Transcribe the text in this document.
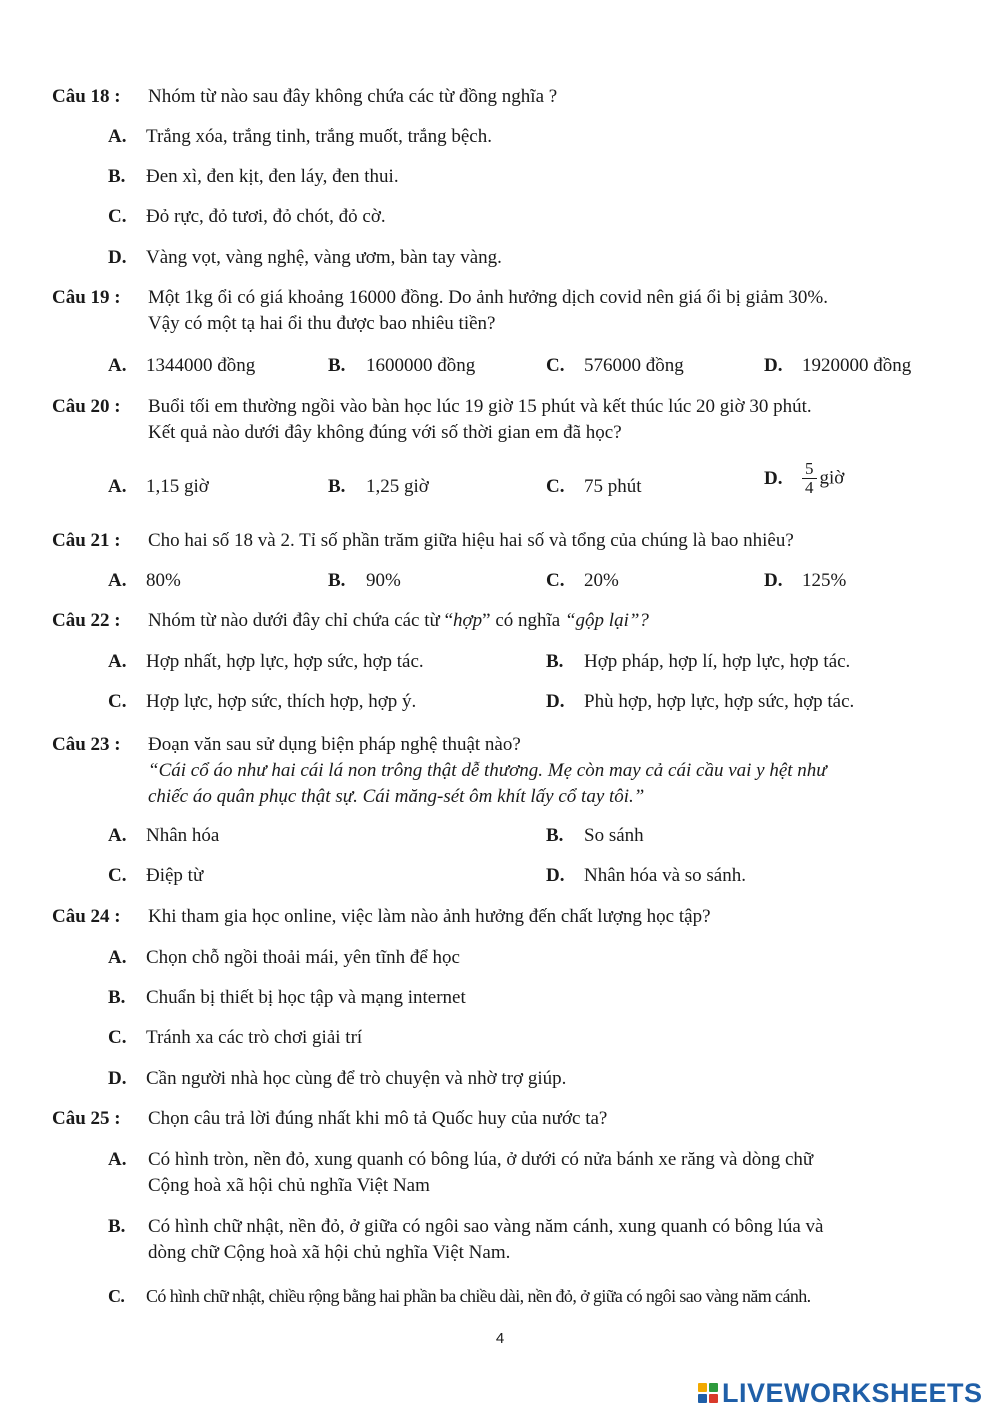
Câu 18 : Nhóm từ nào sau đây không chứa các từ đồng nghĩa ?
A. Trắng xóa, trắng tinh, trắng muốt, trắng bệch.
B. Đen xì, đen kịt, đen láy, đen thui.
C. Đỏ rực, đỏ tươi, đỏ chót, đỏ cờ.
D. Vàng vọt, vàng nghệ, vàng ươm, bàn tay vàng.
Câu 19 : Một 1kg ổi có giá khoảng 16000 đồng. Do ảnh hưởng dịch covid nên giá ổi bị giảm 30%.
Vậy có một tạ hai ổi thu được bao nhiêu tiền?
A. 1344000 đồng	B. 1600000 đồng	C. 576000 đồng	D. 1920000 đồng
Câu 20 : Buổi tối em thường ngồi vào bàn học lúc 19 giờ 15 phút và kết thúc lúc 20 giờ 30 phút.
Kết quả nào dưới đây không đúng với số thời gian em đã học?
A. 1,15 giờ	B. 1,25 giờ	C. 75 phút	D. $\frac{5}{4}$ giờ
Câu 21 : Cho hai số 18 và 2. Tỉ số phần trăm giữa hiệu hai số và tổng của chúng là bao nhiêu?
A. 80%	B. 90%	C. 20%	D. 125%
Câu 22 : Nhóm từ nào dưới đây chỉ chứa các từ “hợp” có nghĩa “gộp lại”?
A. Hợp nhất, hợp lực, hợp sức, hợp tác.	B. Hợp pháp, hợp lí, hợp lực, hợp tác.
C. Hợp lực, hợp sức, thích hợp, hợp ý.	D. Phù hợp, hợp lực, hợp sức, hợp tác.
Câu 23 : Đoạn văn sau sử dụng biện pháp nghệ thuật nào?
“Cái cổ áo như hai cái lá non trông thật dễ thương. Mẹ còn may cả cái cầu vai y hệt như
chiếc áo quân phục thật sự. Cái măng-sét ôm khít lấy cổ tay tôi.”
A. Nhân hóa	B. So sánh
C. Điệp từ	D. Nhân hóa và so sánh.
Câu 24 : Khi tham gia học online, việc làm nào ảnh hưởng đến chất lượng học tập?
A. Chọn chỗ ngồi thoải mái, yên tĩnh để học
B. Chuẩn bị thiết bị học tập và mạng internet
C. Tránh xa các trò chơi giải trí
D. Cần người nhà học cùng để trò chuyện và nhờ trợ giúp.
Câu 25 : Chọn câu trả lời đúng nhất khi mô tả Quốc huy của nước ta?
A.	Có hình tròn, nền đỏ, xung quanh có bông lúa, ở dưới có nửa bánh xe răng và dòng chữ
Cộng hoà xã hội chủ nghĩa Việt Nam
B.	Có hình chữ nhật, nền đỏ, ở giữa có ngôi sao vàng năm cánh, xung quanh có bông lúa và
dòng chữ Cộng hoà xã hội chủ nghĩa Việt Nam.
C. Có hình chữ nhật, chiều rộng bằng hai phần ba chiều dài, nền đỏ, ở giữa có ngôi sao vàng năm cánh.
4
LIVEWORKSHEETS
